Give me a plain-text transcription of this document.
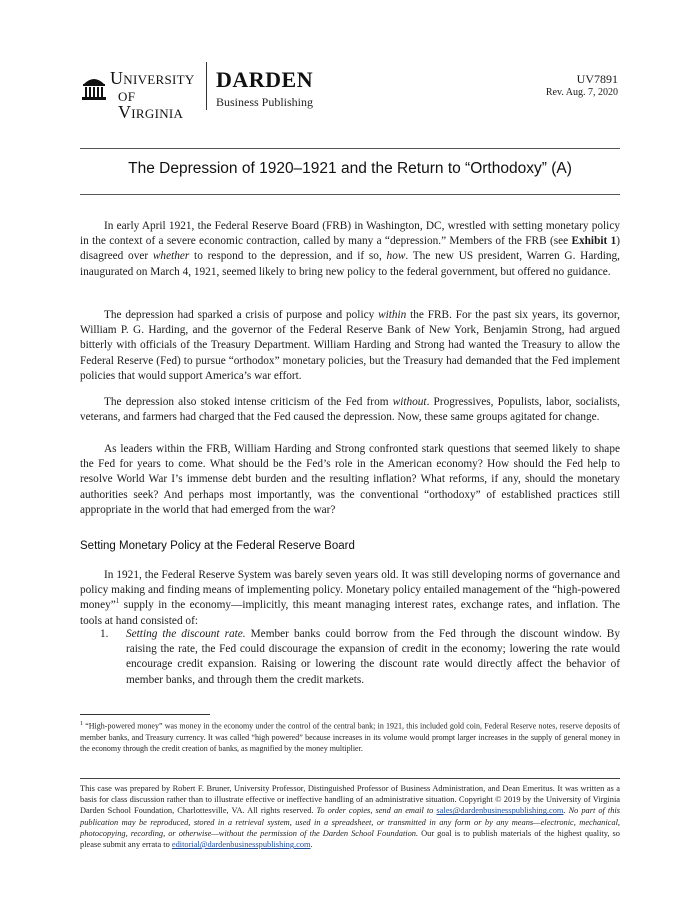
University
of Virginia
DARDEN
Business Publishing
UV7891
Rev. Aug. 7, 2020
The Depression of 1920–1921 and the Return to “Orthodoxy” (A)

In early April 1921, the Federal Reserve Board (FRB) in Washington, DC, wrestled with setting monetary policy in the context of a severe economic contraction, called by many a “depression.” Members of the FRB (see Exhibit 1) disagreed over whether to respond to the depression, and if so, how. The new US president, Warren G. Harding, inaugurated on March 4, 1921, seemed likely to bring new policy to the federal government, but offered no guidance.

The depression had sparked a crisis of purpose and policy within the FRB. For the past six years, its governor, William P. G. Harding, and the governor of the Federal Reserve Bank of New York, Benjamin Strong, had argued bitterly with officials of the Treasury Department. William Harding and Strong had wanted the Treasury to allow the Federal Reserve (Fed) to pursue “orthodox” monetary policies, but the Treasury had demanded that the Fed implement policies that would support America’s war effort.

The depression also stoked intense criticism of the Fed from without. Progressives, Populists, labor, socialists, veterans, and farmers had charged that the Fed caused the depression. Now, these same groups agitated for change.

As leaders within the FRB, William Harding and Strong confronted stark questions that seemed likely to shape the Fed for years to come. What should be the Fed’s role in the American economy? How should the Fed help to resolve World War I’s immense debt burden and the resulting inflation? What reforms, if any, should the monetary authorities seek? And perhaps most importantly, was the conventional “orthodoxy” of established practices still appropriate in the world that had emerged from the war?

Setting Monetary Policy at the Federal Reserve Board

In 1921, the Federal Reserve System was barely seven years old. It was still developing norms of governance and policy making and finding means of implementing policy. Monetary policy entailed management of the “high-powered money”$^1$ supply in the economy—implicitly, this meant managing interest rates, exchange rates, and inflation. The tools at hand consisted of:

1. Setting the discount rate. Member banks could borrow from the Fed through the discount window. By raising the rate, the Fed could discourage the expansion of credit in the economy; lowering the rate would encourage credit expansion. Raising or lowering the discount rate would directly affect the behavior of member banks, and through them the credit markets.
$^1$ “High-powered money” was money in the economy under the control of the central bank; in 1921, this included gold coin, Federal Reserve notes, reserve deposits of member banks, and Treasury currency. It was called “high powered” because increases in its volume would prompt larger increases in the supply of general money in the economy through the credit creation of banks, as magnified by the money multiplier.
This case was prepared by Robert F. Bruner, University Professor, Distinguished Professor of Business Administration, and Dean Emeritus. It was written as a basis for class discussion rather than to illustrate effective or ineffective handling of an administrative situation. Copyright © 2019 by the University of Virginia Darden School Foundation, Charlottesville, VA. All rights reserved. To order copies, send an email to sales@dardenbusinesspublishing.com. No part of this publication may be reproduced, stored in a retrieval system, used in a spreadsheet, or transmitted in any form or by any means—electronic, mechanical, photocopying, recording, or otherwise—without the permission of the Darden School Foundation. Our goal is to publish materials of the highest quality, so please submit any errata to editorial@dardenbusinesspublishing.com.
